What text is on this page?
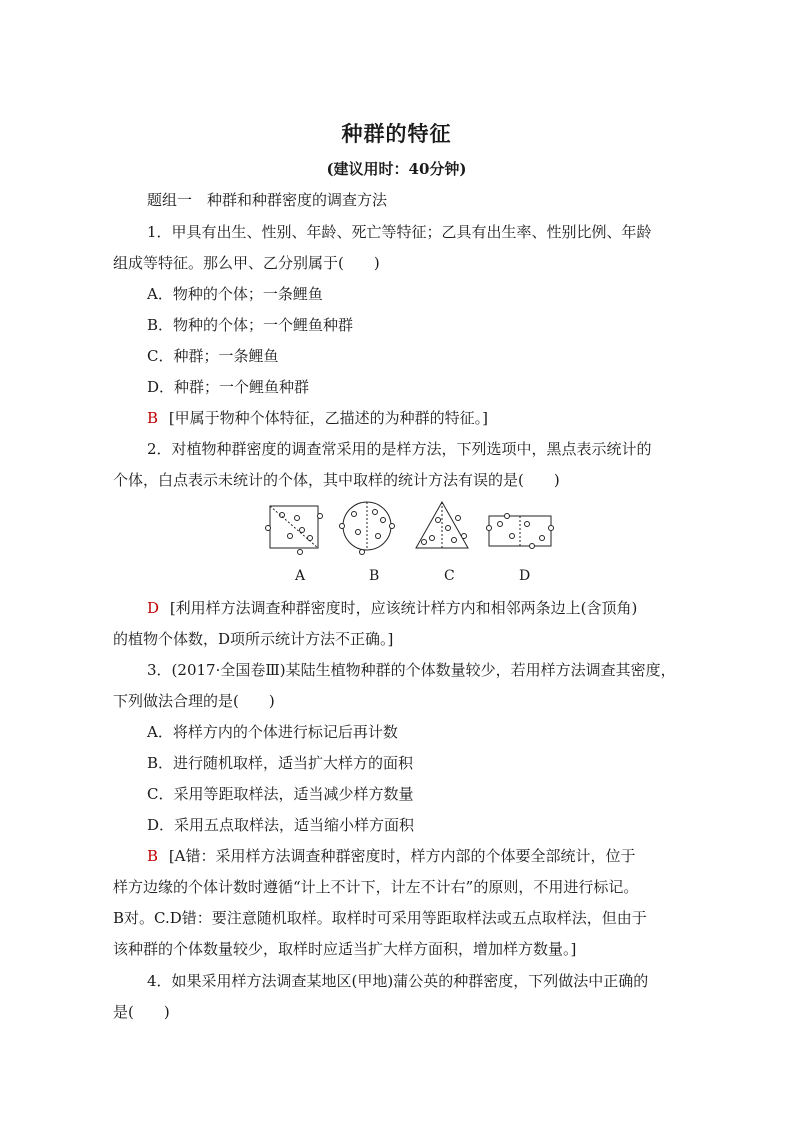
种群的特征
(建议用时：40分钟)
题组一　种群和种群密度的调查方法
1．甲具有出生、性别、年龄、死亡等特征；乙具有出生率、性别比例、年龄
组成等特征。那么甲、乙分别属于(　　)
A．物种的个体；一条鲤鱼
B．物种的个体；一个鲤鱼种群
C．种群；一条鲤鱼
D．种群；一个鲤鱼种群
B [甲属于物种个体特征，乙描述的为种群的特征。]
2．对植物种群密度的调查常采用的是样方法，下列选项中，黑点表示统计的
个体，白点表示未统计的个体，其中取样的统计方法有误的是(　　)
A	B	C	D
D [利用样方法调查种群密度时，应该统计样方内和相邻两条边上(含顶角)
的植物个体数，D项所示统计方法不正确。]
3．(2017·全国卷Ⅲ)某陆生植物种群的个体数量较少，若用样方法调查其密度，
下列做法合理的是(　　)
A．将样方内的个体进行标记后再计数
B．进行随机取样，适当扩大样方的面积
C．采用等距取样法，适当减少样方数量
D．采用五点取样法，适当缩小样方面积
B [A错：采用样方法调查种群密度时，样方内部的个体要全部统计，位于
样方边缘的个体计数时遵循“计上不计下，计左不计右”的原则，不用进行标记。
B对。C.D错：要注意随机取样。取样时可采用等距取样法或五点取样法，但由于
该种群的个体数量较少，取样时应适当扩大样方面积，增加样方数量。]
4．如果采用样方法调查某地区(甲地)蒲公英的种群密度，下列做法中正确的
是(　　)
